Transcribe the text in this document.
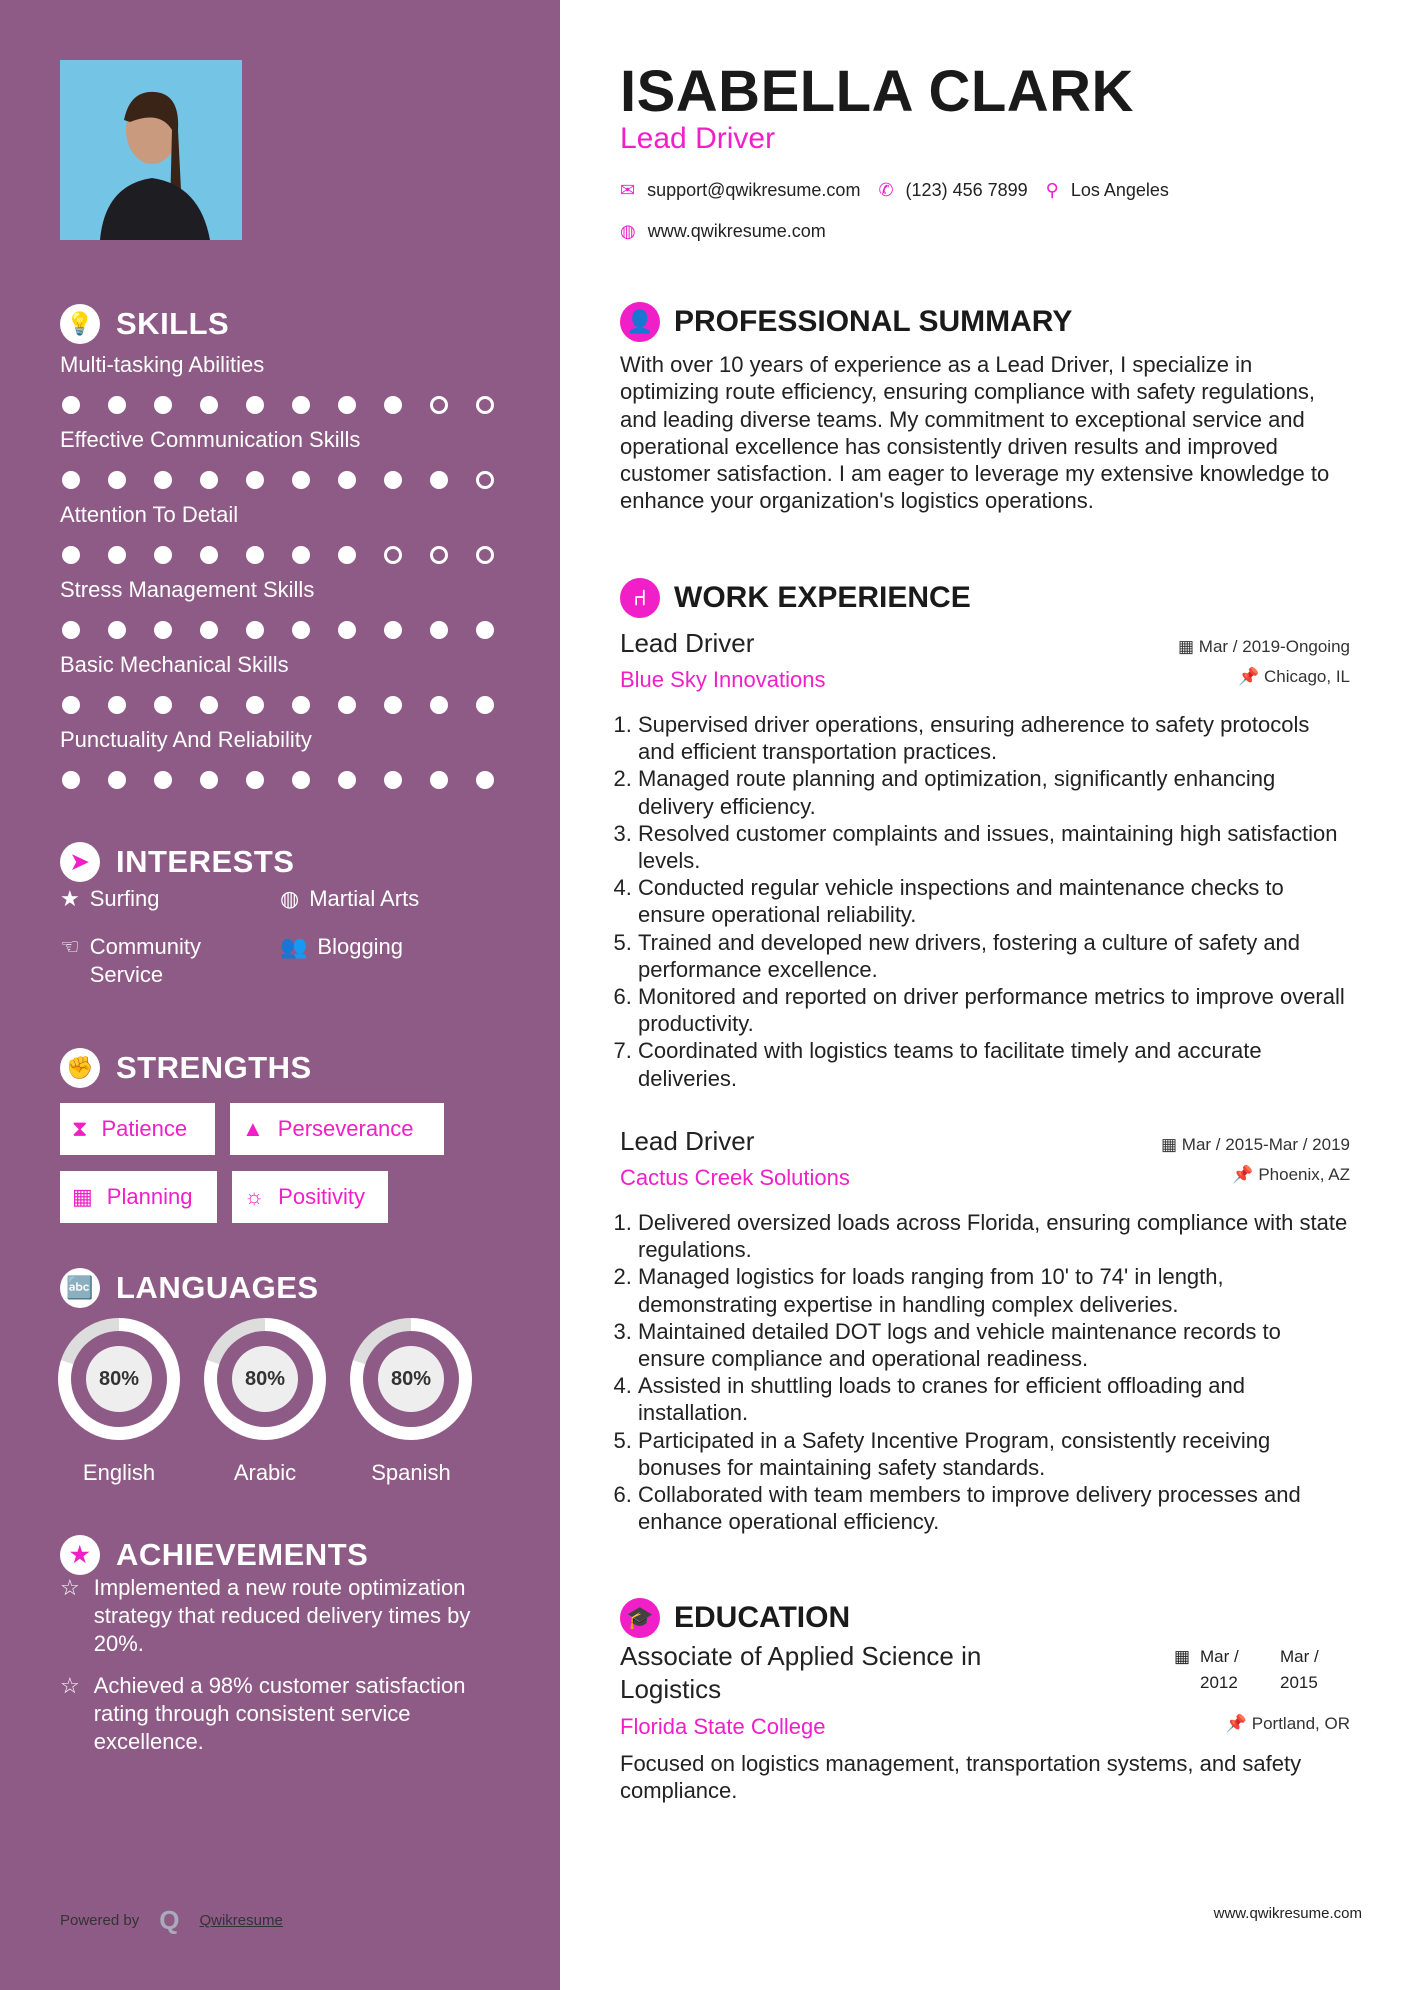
💡 SKILLS
Multi-tasking Abilities
Effective Communication Skills
Attention To Detail
Stress Management Skills
Basic Mechanical Skills
Punctuality And Reliability
➤ INTERESTS
★ Surfing	◍ Martial Arts
☜ Community Service
👥 Blogging
✊ STRENGTHS
⧗ Patience ▲ Perseverance
▦ Planning ☼ Positivity
🔤 LANGUAGES
80%
English
80%
Arabic
80%
Spanish
★ ACHIEVEMENTS
☆ Implemented a new route optimization strategy that reduced delivery times by 20%.
☆ Achieved a 98% customer satisfaction rating through consistent service excellence.
Powered by Q Qwikresume
ISABELLA CLARK
Lead Driver
✉ support@qwikresume.com ✆ (123) 456 7899 ⚲ Los Angeles
◍ www.qwikresume.com
👤 PROFESSIONAL SUMMARY
With over 10 years of experience as a Lead Driver, I specialize in optimizing route efficiency, ensuring compliance with safety regulations, and leading diverse teams. My commitment to exceptional service and operational excellence has consistently driven results and improved customer satisfaction. I am eager to leverage my extensive knowledge to enhance your organization's logistics operations.
⑁ WORK EXPERIENCE
Lead Driver	▦ Mar / 2019-Ongoing
Blue Sky Innovations	📌 Chicago, IL
1. Supervised driver operations, ensuring adherence to safety protocols and efficient transportation practices.
2. Managed route planning and optimization, significantly enhancing delivery efficiency.
3. Resolved customer complaints and issues, maintaining high satisfaction levels.
4. Conducted regular vehicle inspections and maintenance checks to ensure operational reliability.
5. Trained and developed new drivers, fostering a culture of safety and performance excellence.
6. Monitored and reported on driver performance metrics to improve overall productivity.
7. Coordinated with logistics teams to facilitate timely and accurate deliveries.
Lead Driver	▦ Mar / 2015-Mar / 2019
Cactus Creek Solutions	📌 Phoenix, AZ
1. Delivered oversized loads across Florida, ensuring compliance with state regulations.
2. Managed logistics for loads ranging from 10' to 74' in length, demonstrating expertise in handling complex deliveries.
3. Maintained detailed DOT logs and vehicle maintenance records to ensure compliance and operational readiness.
4. Assisted in shuttling loads to cranes for efficient offloading and installation.
5. Participated in a Safety Incentive Program, consistently receiving bonuses for maintaining safety standards.
6. Collaborated with team members to improve delivery processes and enhance operational efficiency.
🎓 EDUCATION
Associate of Applied Science in Logistics
▦ Mar / 2012
Mar / 2015
Florida State College	📌 Portland, OR
Focused on logistics management, transportation systems, and safety compliance.
www.qwikresume.com
